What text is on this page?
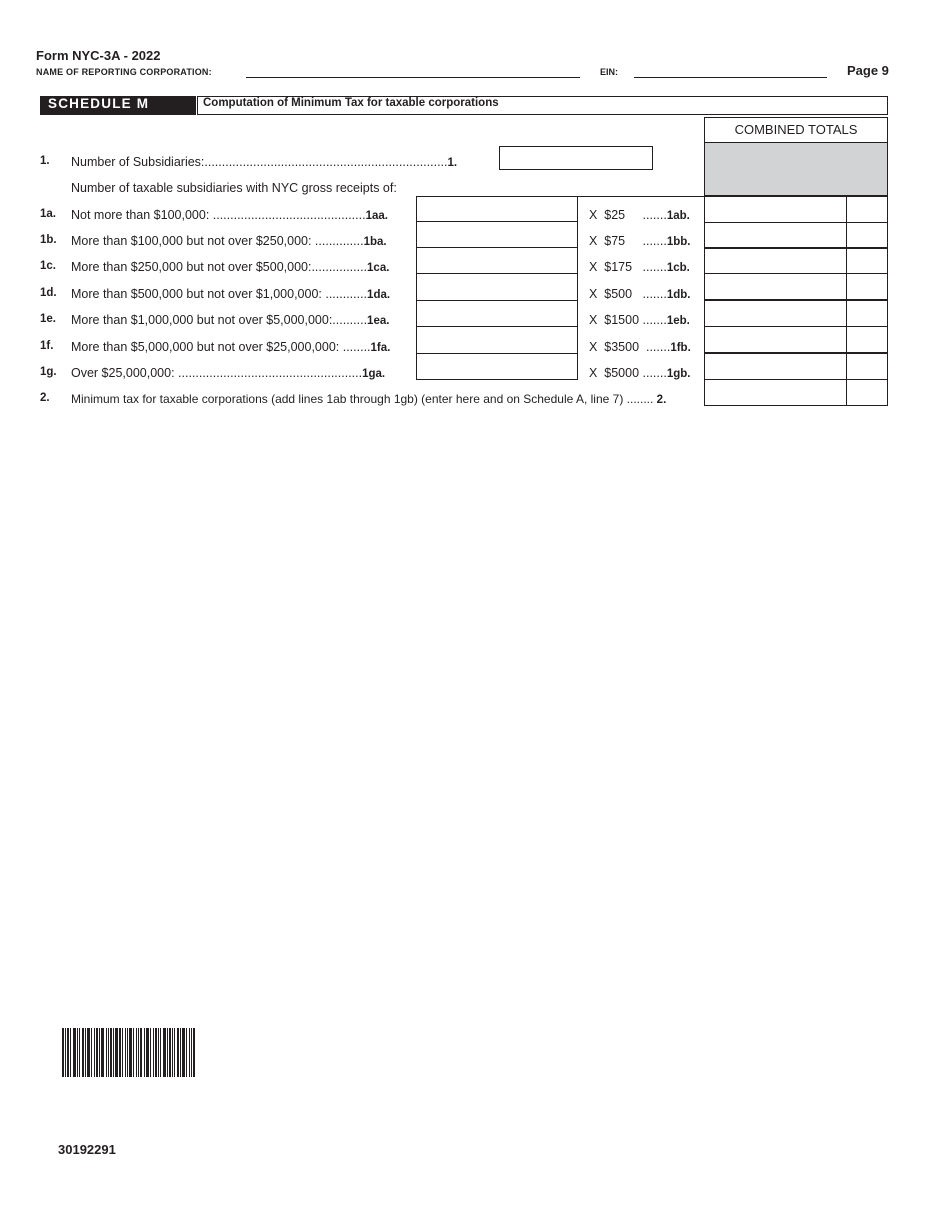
Form NYC-3A - 2022
NAME OF REPORTING CORPORATION:	EIN:	Page 9
SCHEDULE M	Computation of Minimum Tax for taxable corporations
COMBINED TOTALS
1. Number of Subsidiaries:......................................................................1.
Number of taxable subsidiaries with NYC gross receipts of:
1a. Not more than $100,000: ............................................1aa.	X  $25     .......1ab.
1b. More than $100,000 but not over $250,000: ..............1ba.	X  $75     .......1bb.
1c. More than $250,000 but not over $500,000:................1ca.	X  $175   .......1cb.
1d. More than $500,000 but not over $1,000,000: ............1da.	X  $500   .......1db.
1e. More than $1,000,000 but not over $5,000,000:..........1ea.	X  $1500 .......1eb.
1f. More than $5,000,000 but not over $25,000,000: ........1fa.	X  $3500  .......1fb.
1g. Over $25,000,000: .....................................................1ga.	X  $5000 .......1gb.
2. Minimum tax for taxable corporations (add lines 1ab through 1gb) (enter here and on Schedule A, line 7) ........ 2.
30192291
